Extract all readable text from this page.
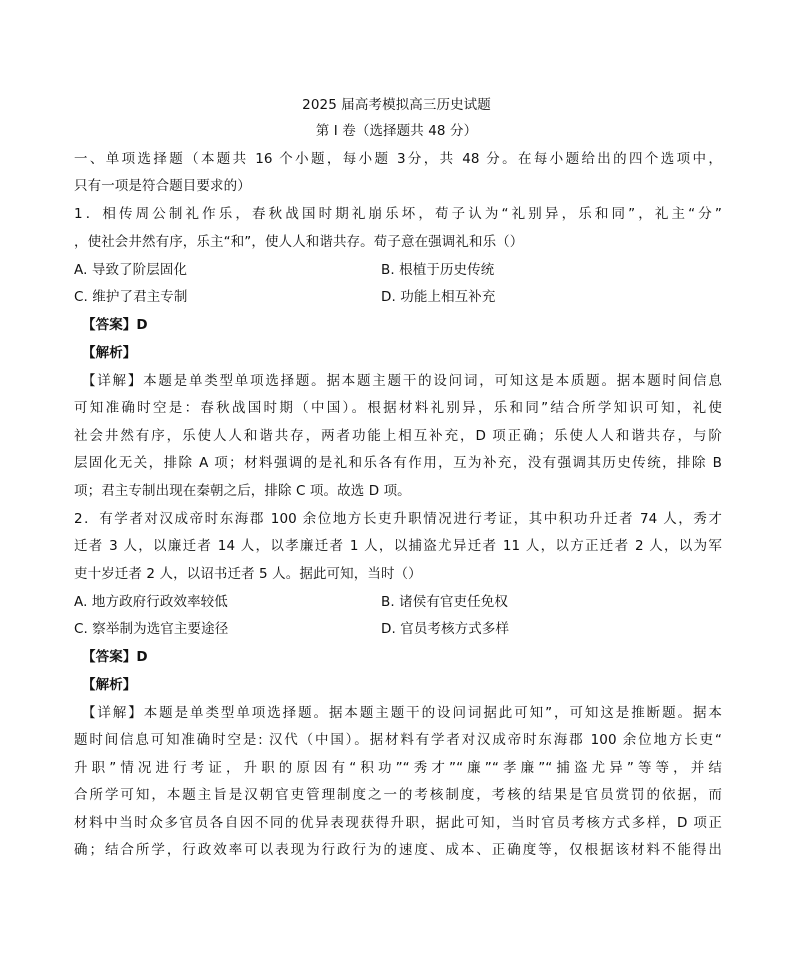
2025 届高考模拟高三历史试题
第 I 卷（选择题共 48 分）
一、单项选择题（本题共 16 个小题，每小题 3分，共 48 分。在每小题给出的四个选项中，
只有一项是符合题目要求的）
1．相传周公制礼作乐，春秋战国时期礼崩乐坏，荀子认为“礼别异，乐和同”，礼主“分”
，使社会井然有序，乐主“和”，使人人和谐共存。荀子意在强调礼和乐（）
A. 导致了阶层固化	B. 根植于历史传统
C. 维护了君主专制	D. 功能上相互补充
【答案】D
【解析】
【详解】本题是单类型单项选择题。据本题主题干的设问词，可知这是本质题。据本题时间信息
可知准确时空是：春秋战国时期（中国）。根据材料礼别异，乐和同”结合所学知识可知，礼使
社会井然有序，乐使人人和谐共存，两者功能上相互补充，D 项正确；乐使人人和谐共存，与阶
层固化无关，排除 A 项；材料强调的是礼和乐各有作用，互为补充，没有强调其历史传统，排除 B
项；君主专制出现在秦朝之后，排除 C 项。故选 D 项。
2．有学者对汉成帝时东海郡 100 余位地方长吏升职情况进行考证，其中积功升迁者 74 人，秀才
迁者 3 人，以廉迁者 14 人，以孝廉迁者 1 人，以捕盗尤异迁者 11 人，以方正迁者 2 人，以为军
吏十岁迁者 2 人，以诏书迁者 5 人。据此可知，当时（）
A. 地方政府行政效率较低	B. 诸侯有官吏任免权
C. 察举制为选官主要途径	D. 官员考核方式多样
【答案】D
【解析】
【详解】本题是单类型单项选择题。据本题主题干的设问词据此可知”，可知这是推断题。据本
题时间信息可知准确时空是: 汉代（中国）。据材料有学者对汉成帝时东海郡 100 余位地方长吏“
升职”情况进行考证，升职的原因有“积功”“秀才”“廉”“孝廉”“捕盗尤异”等等，并结
合所学可知，本题主旨是汉朝官吏管理制度之一的考核制度，考核的结果是官员赏罚的依据，而
材料中当时众多官员各自因不同的优异表现获得升职，据此可知，当时官员考核方式多样，D 项正
确；结合所学，行政效率可以表现为行政行为的速度、成本、正确度等，仅根据该材料不能得出
